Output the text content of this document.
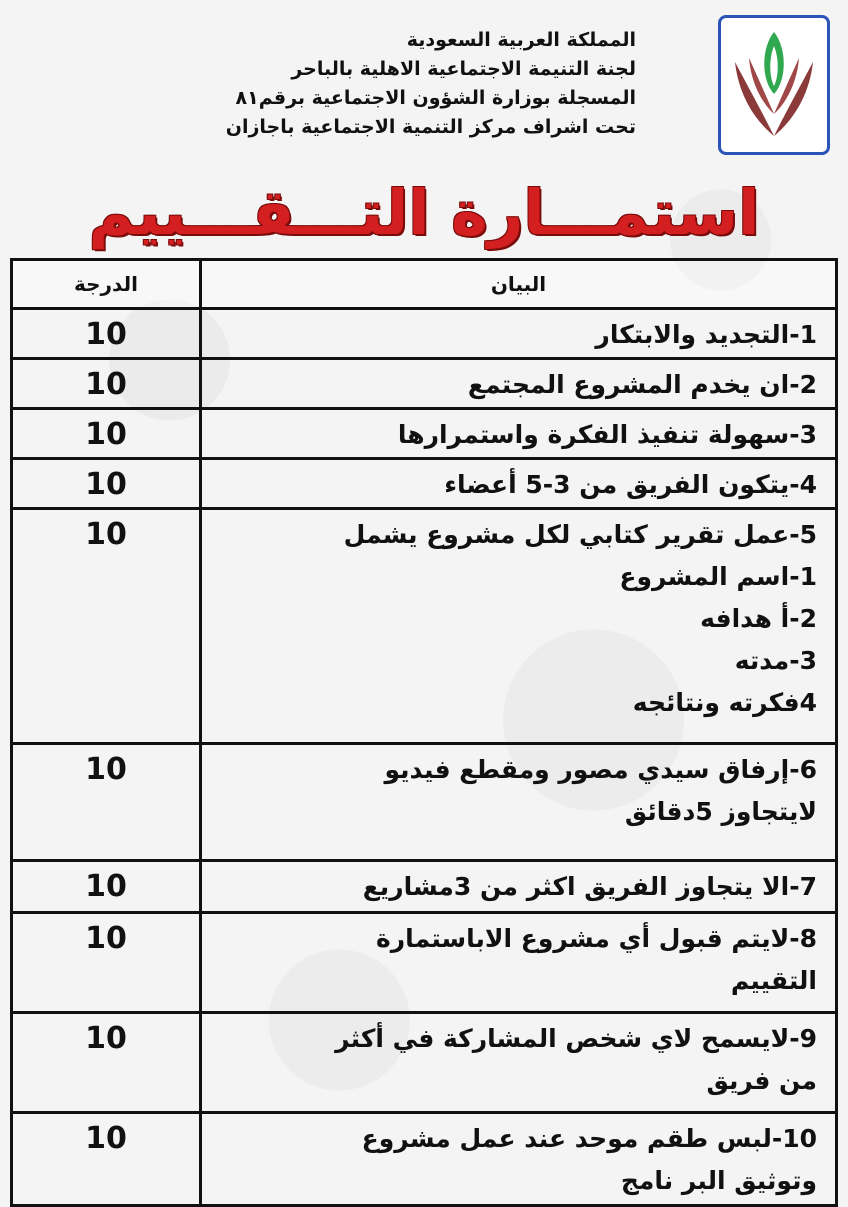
المملكة العربية السعودية
لجنة التنيمة الاجتماعية الاهلية بالباحر
المسجلة بوزارة الشؤون الاجتماعية برقم٨١
تحت اشراف مركز التنمية الاجتماعية باجازان
استمـــارة التـــقـــييم
البيان	الدرجة

1-التجديد والابتكار	10

2-ان يخدم المشروع المجتمع	10

3-سهولة تنفيذ الفكرة واستمرارها	10

4-يتكون الفريق من 3-5 أعضاء	10

5-عمل تقرير كتابي لكل مشروع يشمل
1-اسم المشروع
2-أ هدافه
3-مدته
4فكرته ونتائجه	10

6-إرفاق سيدي مصور ومقطع فيديو
لايتجاوز 5دقائق	10

7-الا يتجاوز الفريق اكثر من 3مشاريع	10

8-لايتم قبول أي مشروع الاباستمارة
التقييم	10

9-لايسمح لاي شخص المشاركة في أكثر
من فريق	10

10-لبس طقم موحد عند عمل مشروع
وتوثيق البر نامج	10
